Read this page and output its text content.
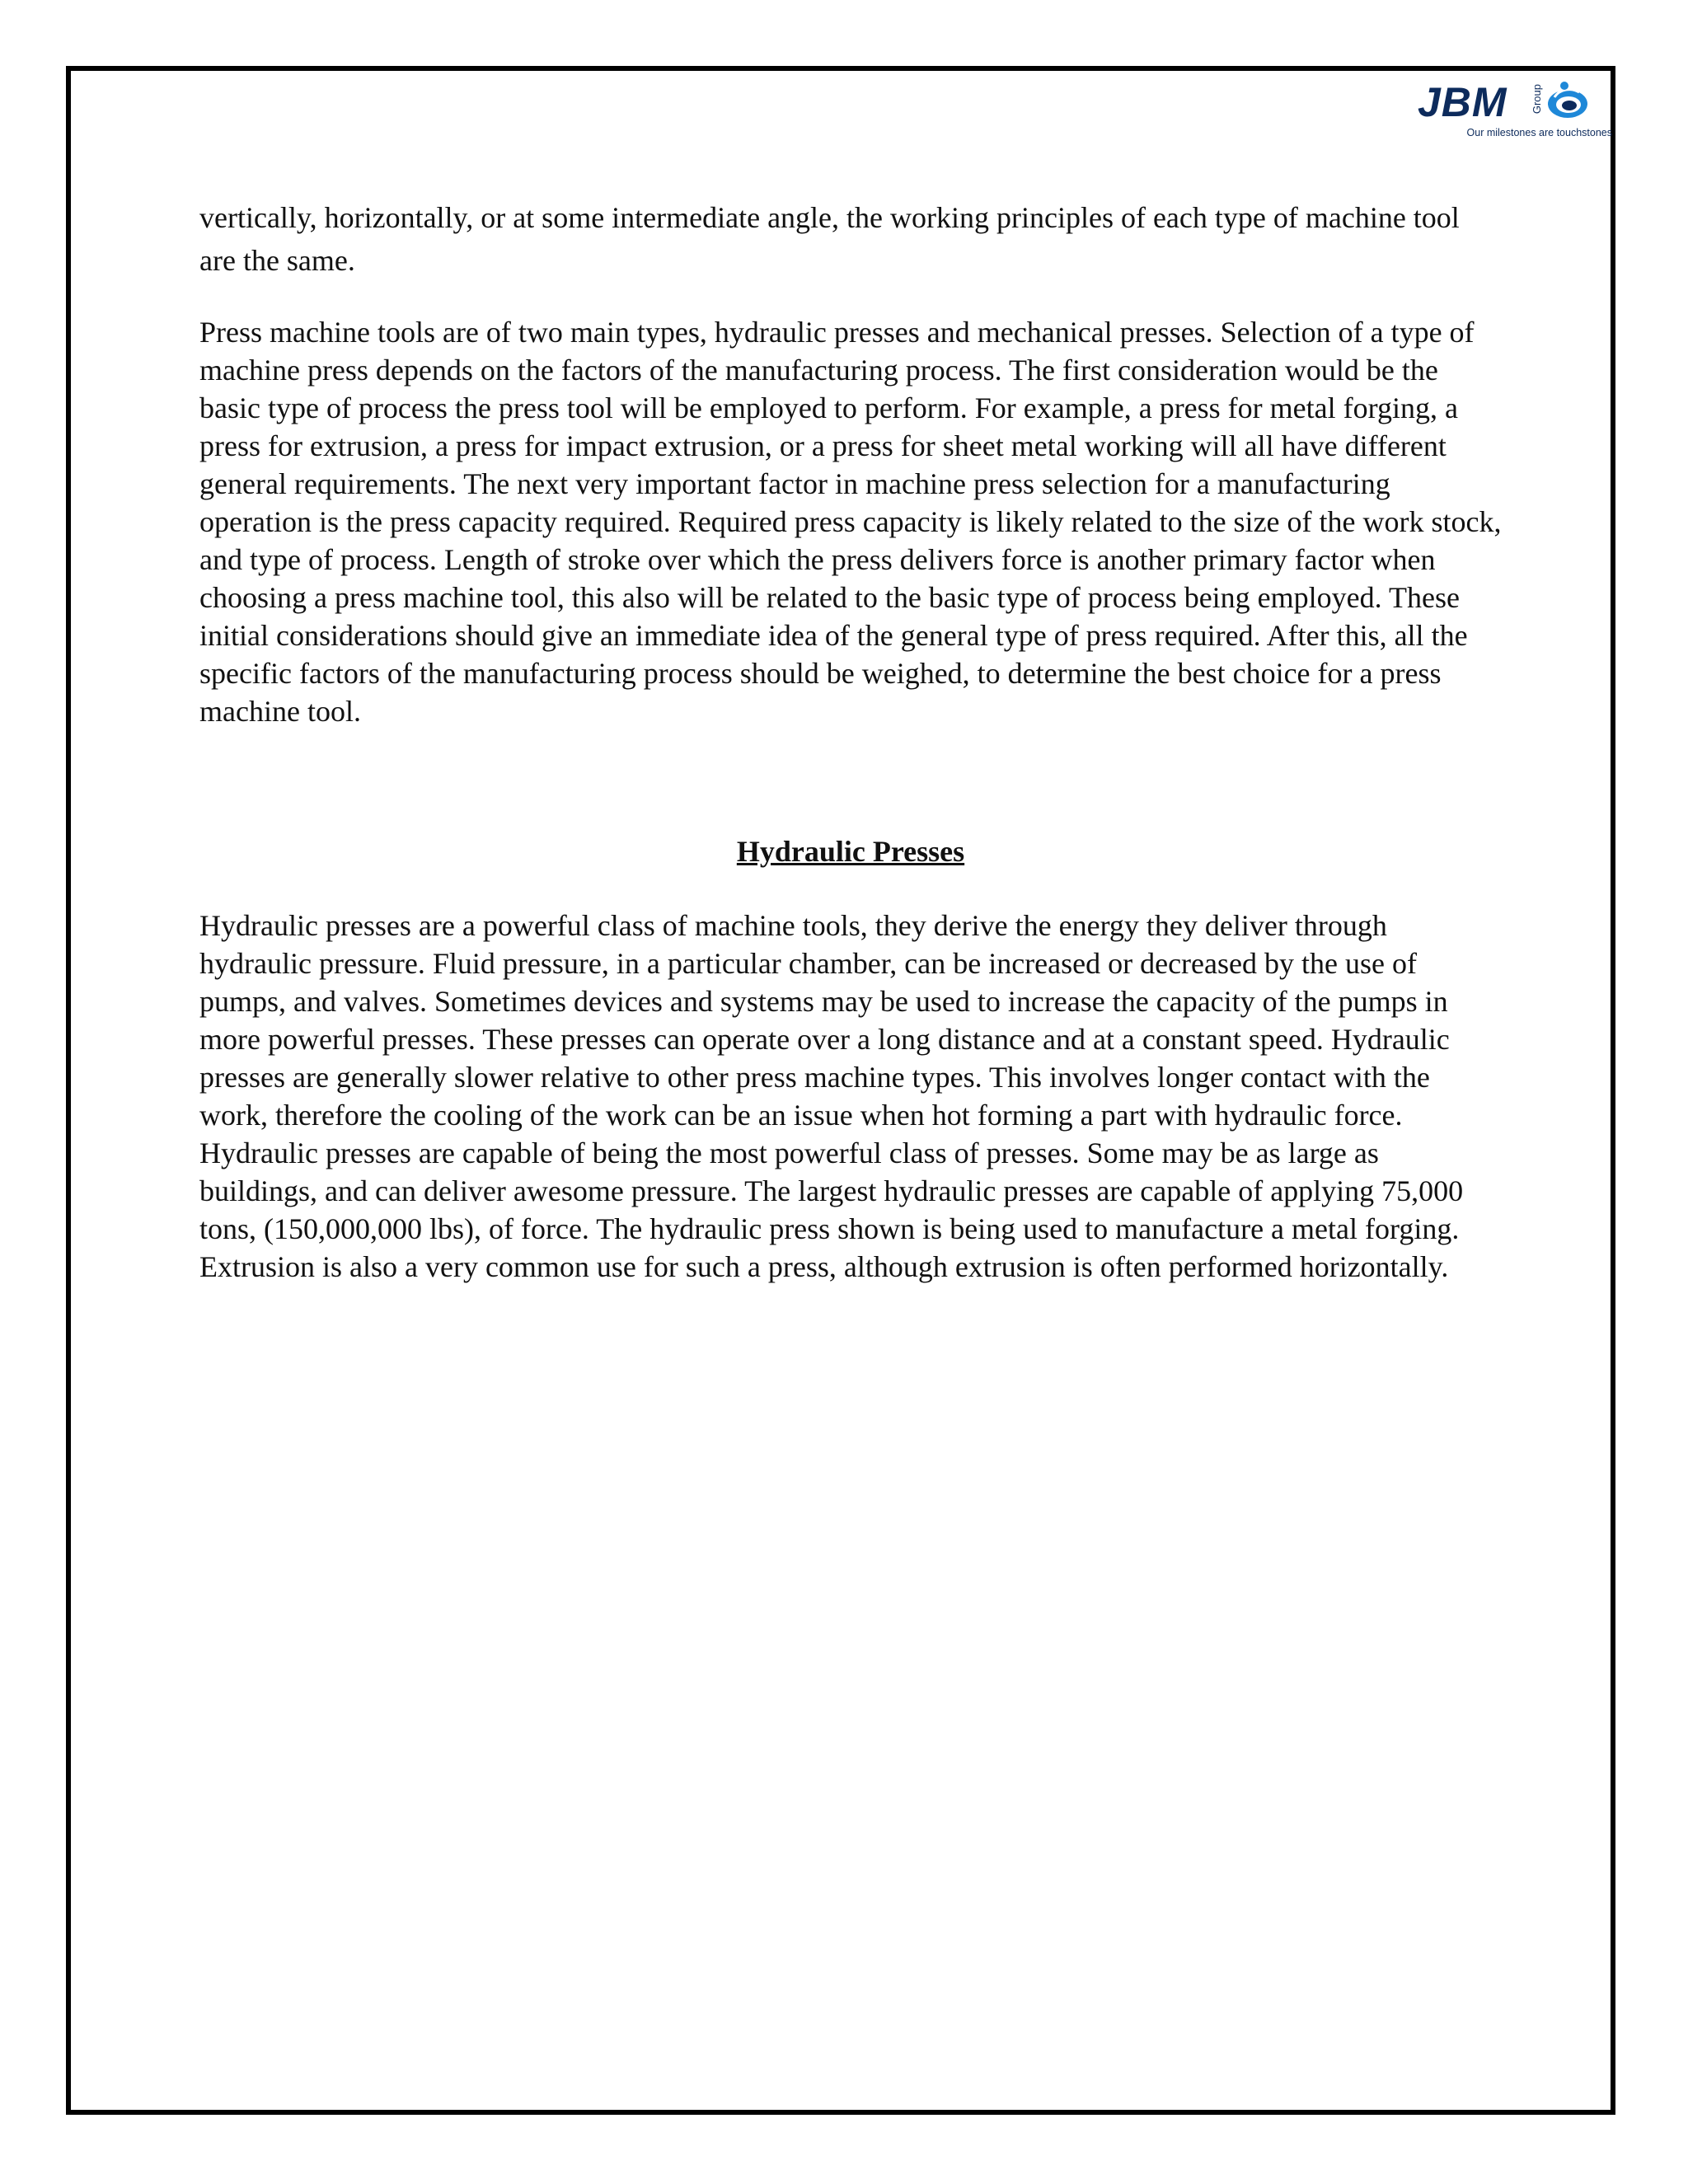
JBM Group
Our milestones are touchstones

vertically, horizontally, or at some intermediate angle, the working principles of each type of machine tool are the same.

Press machine tools are of two main types, hydraulic presses and mechanical presses. Selection of a type of machine press depends on the factors of the manufacturing process. The first consideration would be the basic type of process the press tool will be employed to perform. For example, a press for metal forging, a press for extrusion, a press for impact extrusion, or a press for sheet metal working will all have different general requirements. The next very important factor in machine press selection for a manufacturing operation is the press capacity required. Required press capacity is likely related to the size of the work stock, and type of process. Length of stroke over which the press delivers force is another primary factor when choosing a press machine tool, this also will be related to the basic type of process being employed. These initial considerations should give an immediate idea of the general type of press required. After this, all the specific factors of the manufacturing process should be weighed, to determine the best choice for a press machine tool.

Hydraulic Presses

Hydraulic presses are a powerful class of machine tools, they derive the energy they deliver through hydraulic pressure. Fluid pressure, in a particular chamber, can be increased or decreased by the use of pumps, and valves. Sometimes devices and systems may be used to increase the capacity of the pumps in more powerful presses. These presses can operate over a long distance and at a constant speed. Hydraulic presses are generally slower relative to other press machine types. This involves longer contact with the work, therefore the cooling of the work can be an issue when hot forming a part with hydraulic force. Hydraulic presses are capable of being the most powerful class of presses. Some may be as large as buildings, and can deliver awesome pressure. The largest hydraulic presses are capable of applying 75,000 tons, (150,000,000 lbs), of force. The hydraulic press shown is being used to manufacture a metal forging. Extrusion is also a very common use for such a press, although extrusion is often performed horizontally.
